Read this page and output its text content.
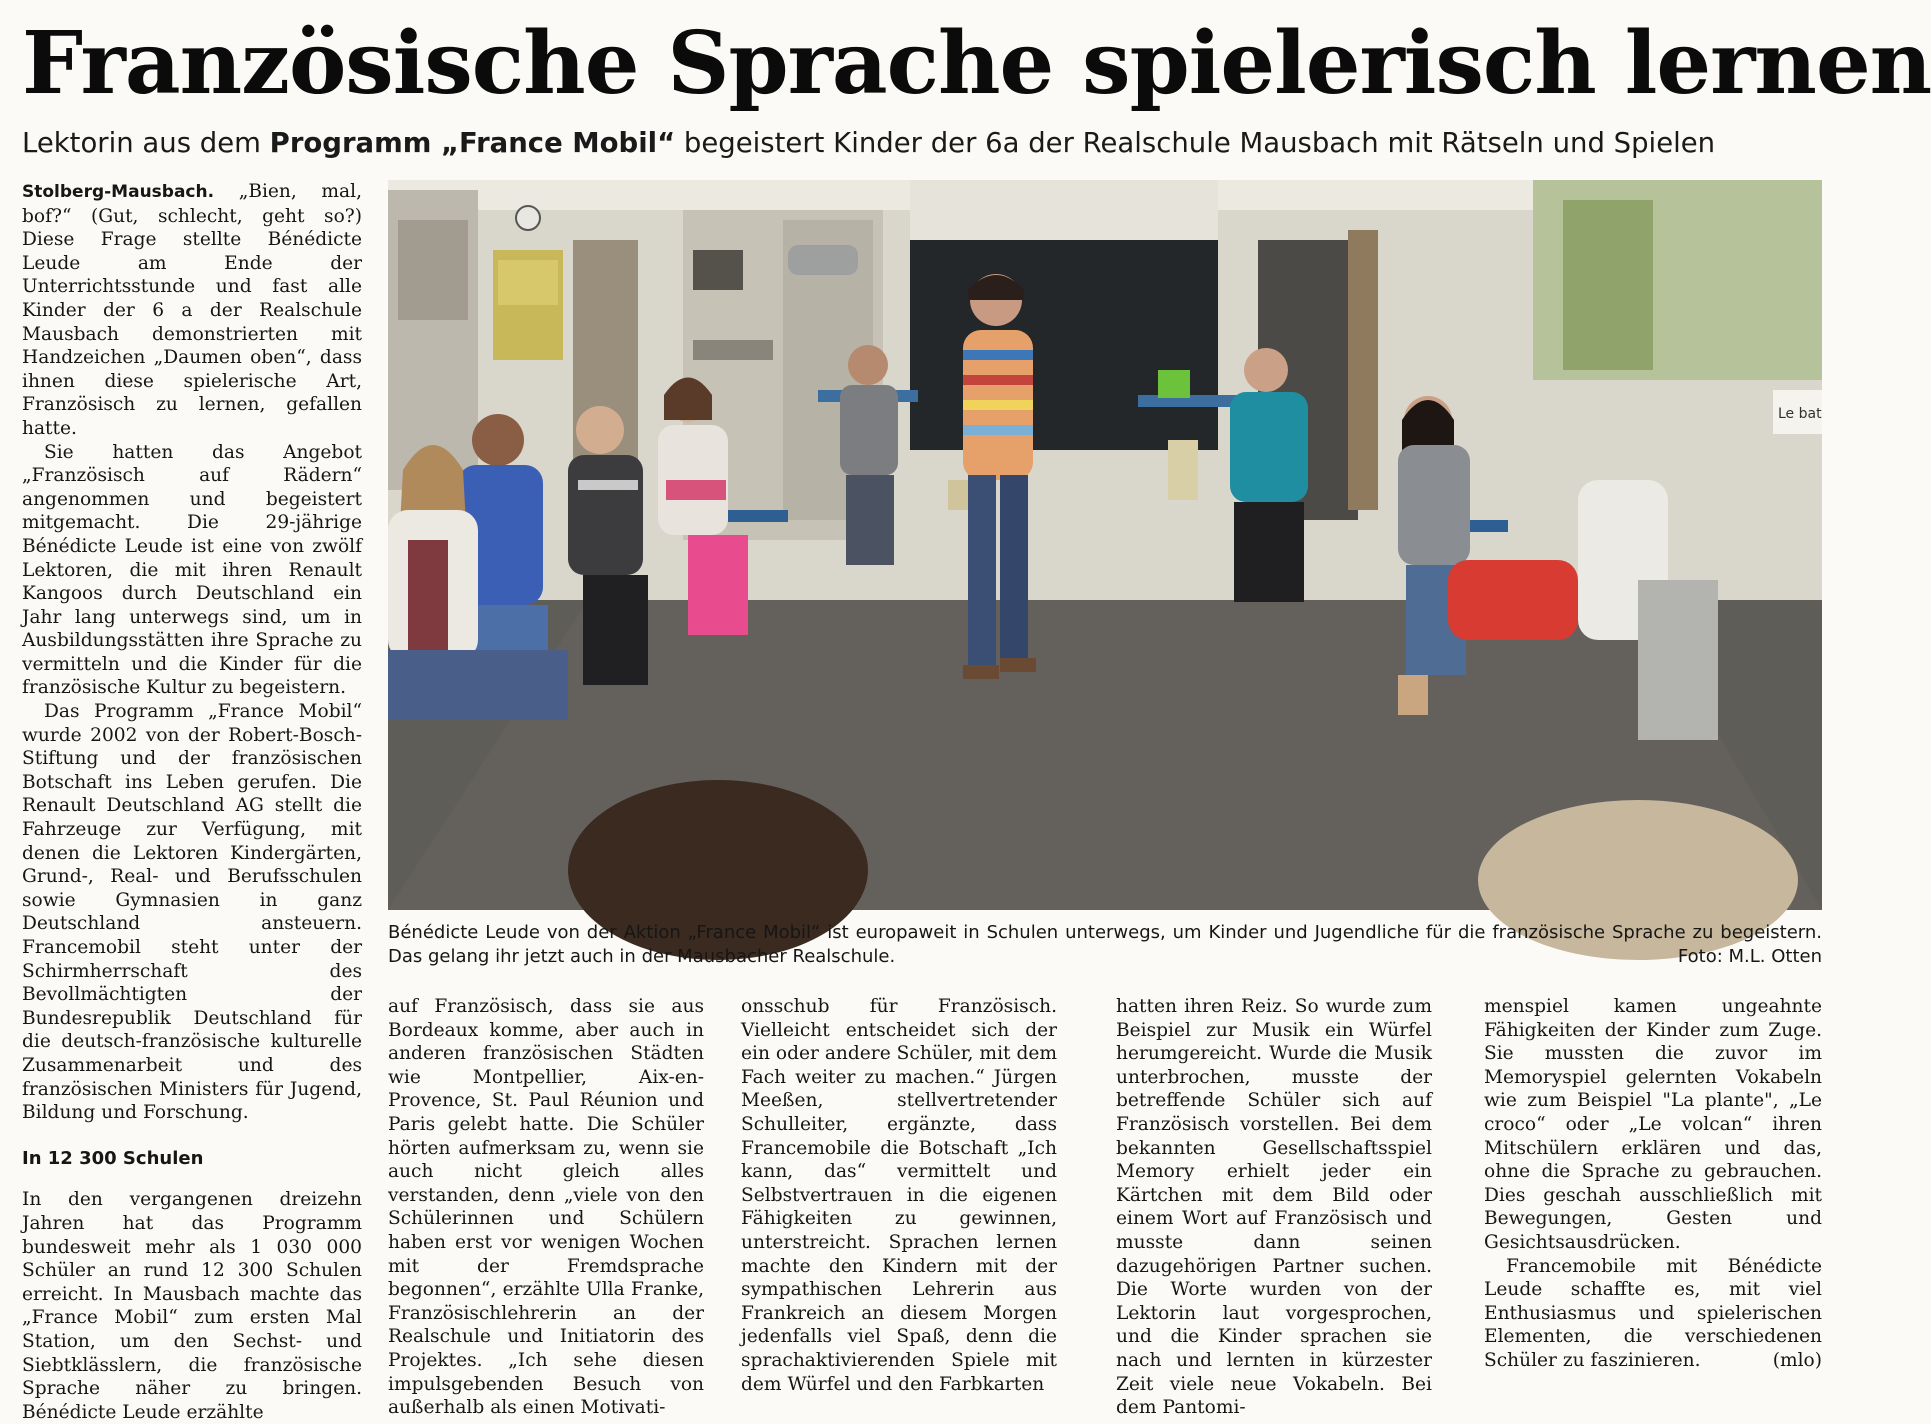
Französische Sprache spielerisch lernen

Lektorin aus dem Programm „France Mobil“ begeistert Kinder der 6a der Realschule Mausbach mit Rätseln und Spielen

Stolberg-Mausbach. „Bien, mal, bof?“ (Gut, schlecht, geht so?) Diese Frage stellte Bénédicte Leude am Ende der Unterrichtsstunde und fast alle Kinder der 6 a der Realschule Mausbach demonstrierten mit Handzeichen „Daumen oben“, dass ihnen diese spielerische Art, Französisch zu lernen, gefallen hatte.

Sie hatten das Angebot „Französisch auf Rädern“ angenommen und begeistert mitgemacht. Die 29-jährige Bénédicte Leude ist eine von zwölf Lektoren, die mit ihren Renault Kangoos durch Deutschland ein Jahr lang unterwegs sind, um in Ausbildungsstätten ihre Sprache zu vermitteln und die Kinder für die französische Kultur zu begeistern.

Das Programm „France Mobil“ wurde 2002 von der Robert-Bosch-Stiftung und der französischen Botschaft ins Leben gerufen. Die Renault Deutschland AG stellt die Fahrzeuge zur Verfügung, mit denen die Lektoren Kindergärten, Grund-, Real- und Berufsschulen sowie Gymnasien in ganz Deutschland ansteuern. Francemobil steht unter der Schirmherrschaft des Bevollmächtigten der Bundesrepublik Deutschland für die deutsch-französische kulturelle Zusammenarbeit und des französischen Ministers für Jugend, Bildung und Forschung.

In 12 300 Schulen

In den vergangenen dreizehn Jahren hat das Programm bundesweit mehr als 1 030 000 Schüler an rund 12 300 Schulen erreicht. In Mausbach machte das „France Mobil“ zum ersten Mal Station, um den Sechst- und Siebtklässlern, die französische Sprache näher zu bringen. Bénédicte Leude erzählte

Le bat

Bénédicte Leude von der Aktion „France Mobil“ ist europaweit in Schulen unterwegs, um Kinder und Jugendliche für die französische Sprache zu begeistern. Das gelang ihr jetzt auch in der Mausbacher Realschule.	Foto: M.L. Otten

auf Französisch, dass sie aus Bordeaux komme, aber auch in anderen französischen Städten wie Montpellier, Aix-en-Provence, St. Paul Réunion und Paris gelebt hatte. Die Schüler hörten aufmerksam zu, wenn sie auch nicht gleich alles verstanden, denn „viele von den Schülerinnen und Schülern haben erst vor wenigen Wochen mit der Fremdsprache begonnen“, erzählte Ulla Franke, Französischlehrerin an der Realschule und Initiatorin des Projektes. „Ich sehe diesen impulsgebenden Besuch von außerhalb als einen Motivati-

onsschub für Französisch. Vielleicht entscheidet sich der ein oder andere Schüler, mit dem Fach weiter zu machen.“ Jürgen Meeßen, stellvertretender Schulleiter, ergänzte, dass Francemobile die Botschaft „Ich kann, das“ vermittelt und Selbstvertrauen in die eigenen Fähigkeiten zu gewinnen, unterstreicht. Sprachen lernen machte den Kindern mit der sympathischen Lehrerin aus Frankreich an diesem Morgen jedenfalls viel Spaß, denn die sprachaktivierenden Spiele mit dem Würfel und den Farbkarten

hatten ihren Reiz. So wurde zum Beispiel zur Musik ein Würfel herumgereicht. Wurde die Musik unterbrochen, musste der betreffende Schüler sich auf Französisch vorstellen. Bei dem bekannten Gesellschaftsspiel Memory erhielt jeder ein Kärtchen mit dem Bild oder einem Wort auf Französisch und musste dann seinen dazugehörigen Partner suchen. Die Worte wurden von der Lektorin laut vorgesprochen, und die Kinder sprachen sie nach und lernten in kürzester Zeit viele neue Vokabeln. Bei dem Pantomi-

menspiel kamen ungeahnte Fähigkeiten der Kinder zum Zuge. Sie mussten die zuvor im Memoryspiel gelernten Vokabeln wie zum Beispiel "La plante", „Le croco“ oder „Le volcan“ ihren Mitschülern erklären und das, ohne die Sprache zu gebrauchen. Dies geschah ausschließlich mit Bewegungen, Gesten und Gesichtsausdrücken.

Francemobile mit Bénédicte Leude schaffte es, mit viel Enthusiasmus und spielerischen Elementen, die verschiedenen Schüler zu faszinieren.	(mlo)
